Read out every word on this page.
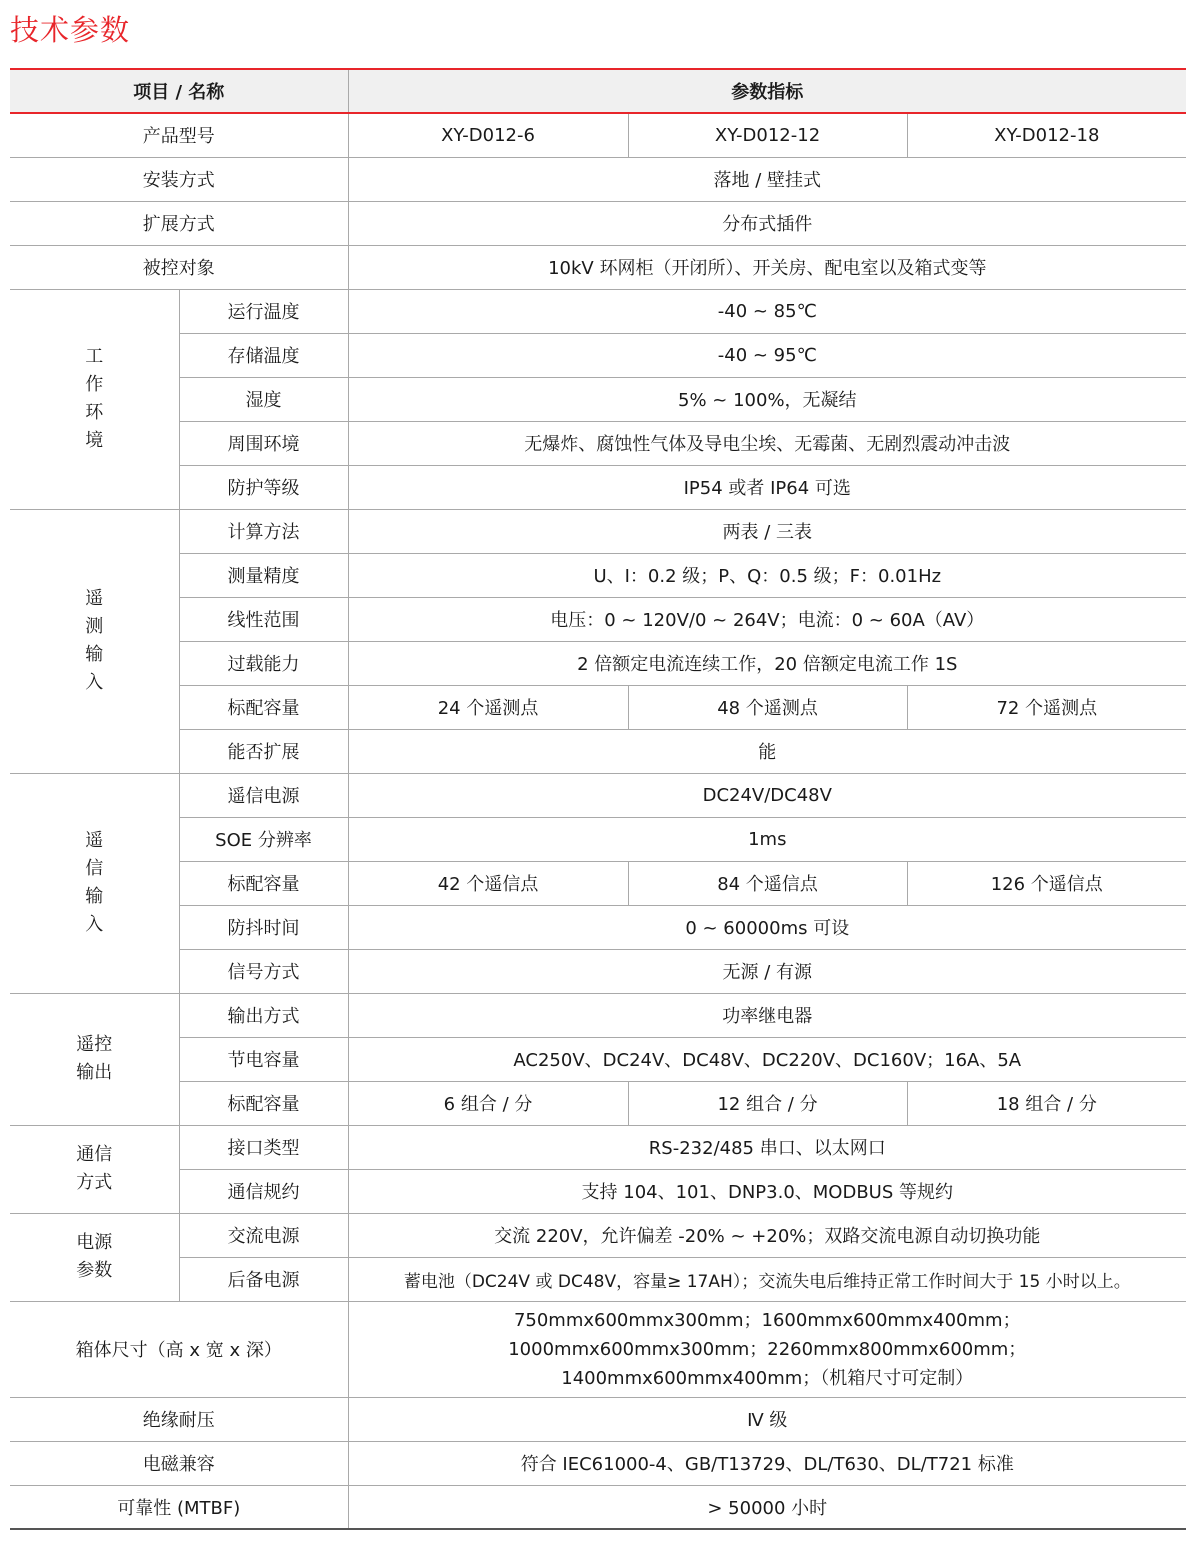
技术参数
项目 / 名称		参数指标		
产品型号		XY-D012-6	XY-D012-12	XY-D012-18
安装方式		落地 / 壁挂式		
扩展方式		分布式插件		
被控对象		10kV 环网柜（开闭所）、开关房、配电室以及箱式变等		

工
作
环
境	运行温度	-40 ~ 85℃		
	存储温度	-40 ~ 95℃		
	湿度	5% ~ 100%，无凝结		
	周围环境	无爆炸、腐蚀性气体及导电尘埃、无霉菌、无剧烈震动冲击波		
	防护等级	IP54 或者 IP64 可选		

遥
测
输
入	计算方法	两表 / 三表		
	测量精度	U、I：0.2 级；P、Q：0.5 级；F：0.01Hz		
	线性范围	电压：0 ~ 120V/0 ~ 264V；电流：0 ~ 60A（AV）		
	过载能力	2 倍额定电流连续工作，20 倍额定电流工作 1S		
	标配容量	24 个遥测点	48 个遥测点	72 个遥测点
	能否扩展	能		

遥
信
输
入	遥信电源	DC24V/DC48V		
	SOE 分辨率	1ms		
	标配容量	42 个遥信点	84 个遥信点	126 个遥信点
	防抖时间	0 ~ 60000ms 可设		
	信号方式	无源 / 有源		

遥控
输出	输出方式	功率继电器		
	节电容量	AC250V、DC24V、DC48V、DC220V、DC160V；16A、5A		
	标配容量	6 组合 / 分	12 组合 / 分	18 组合 / 分

通信
方式	接口类型	RS-232/485 串口、以太网口		
	通信规约	支持 104、101、DNP3.0、MODBUS 等规约		

电源
参数	交流电源	交流 220V，允许偏差 -20% ~ +20%；双路交流电源自动切换功能		
	后备电源	蓄电池（DC24V 或 DC48V，容量≥ 17AH）；交流失电后维持正常工作时间大于 15 小时以上。		
箱体尺寸（高 x 宽 x 深）		750mmx600mmx300mm；1600mmx600mmx400mm；
1000mmx600mmx300mm；2260mmx800mmx600mm；
1400mmx600mmx400mm；（机箱尺寸可定制）		

绝缘耐压		Ⅳ 级		
电磁兼容		符合 IEC61000-4、GB/T13729、DL/T630、DL/T721 标准		
可靠性 (MTBF)		> 50000 小时		
